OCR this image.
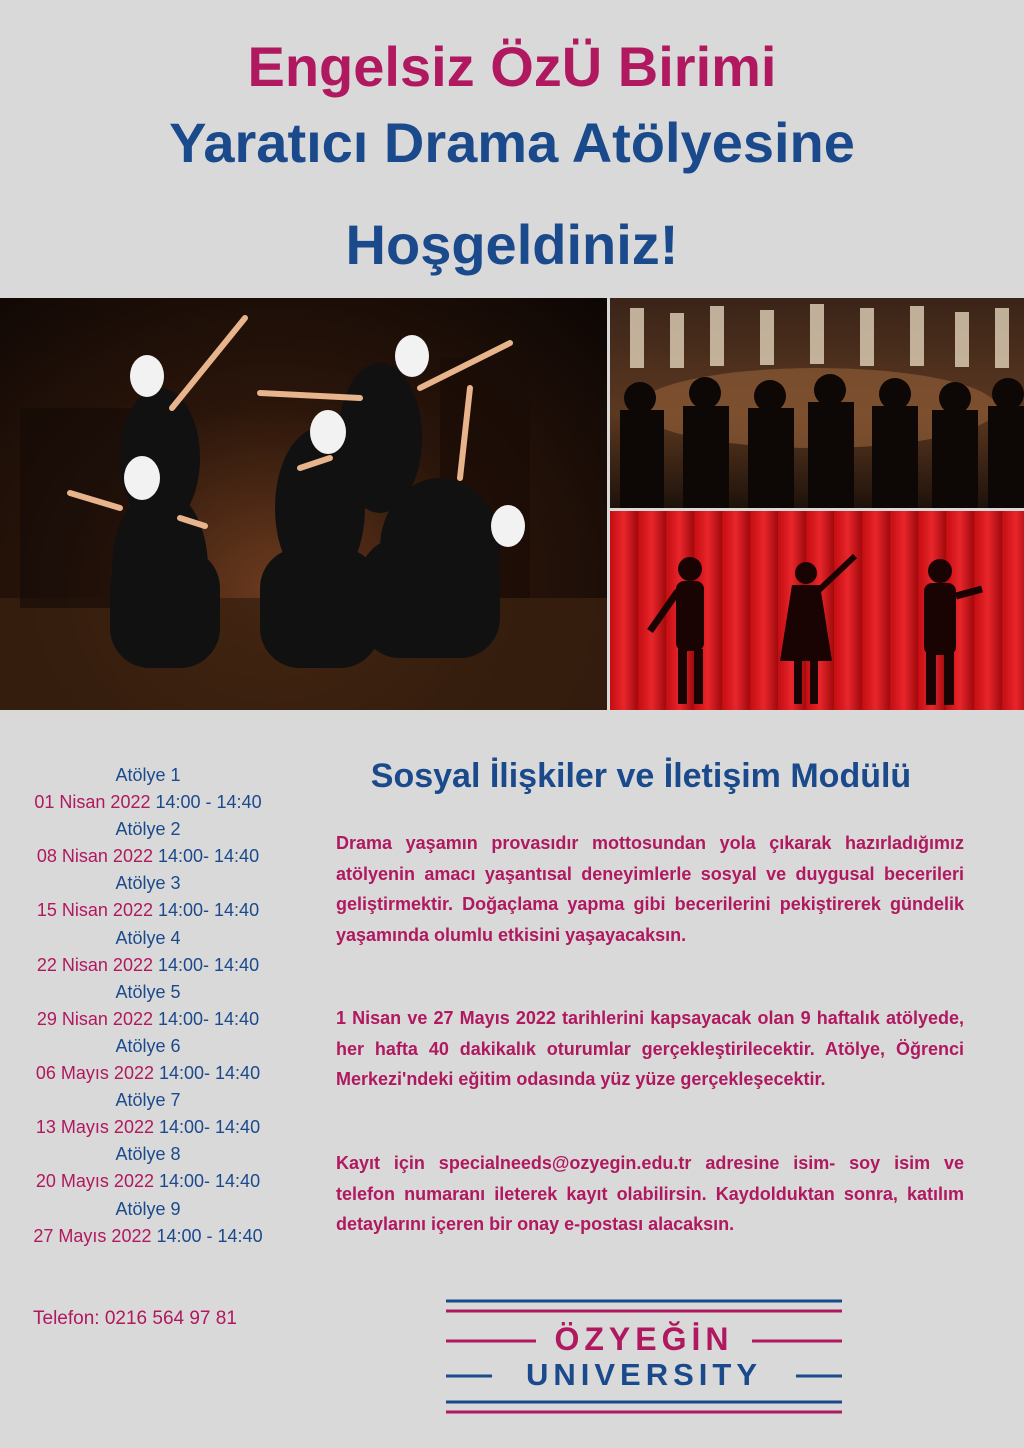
Engelsiz ÖzÜ Birimi
Yaratıcı Drama Atölyesine
Hoşgeldiniz!
Atölye 1
01 Nisan 2022 14:00 - 14:40
Atölye 2
08 Nisan 2022 14:00- 14:40
Atölye 3
15 Nisan 2022 14:00- 14:40
Atölye 4
22 Nisan 2022 14:00- 14:40
Atölye 5
29 Nisan 2022 14:00- 14:40
Atölye 6
06 Mayıs 2022 14:00- 14:40
Atölye 7
13 Mayıs 2022 14:00- 14:40
Atölye 8
20 Mayıs 2022 14:00- 14:40
Atölye 9
27 Mayıs 2022 14:00 - 14:40
Sosyal İlişkiler ve İletişim Modülü

Drama yaşamın provasıdır mottosundan yola çıkarak hazırladığımız atölyenin amacı yaşantısal deneyimlerle sosyal ve duygusal becerileri geliştirmektir. Doğaçlama yapma gibi becerilerini pekiştirerek gündelik yaşamında olumlu etkisini yaşayacaksın.

1 Nisan ve 27 Mayıs 2022 tarihlerini kapsayacak olan 9 haftalık atölyede, her hafta 40 dakikalık oturumlar gerçekleştirilecektir. Atölye, Öğrenci Merkezi'ndeki eğitim odasında yüz yüze gerçekleşecektir.

Kayıt için specialneeds@ozyegin.edu.tr adresine isim- soy isim ve telefon numaranı ileterek kayıt olabilirsin. Kaydolduktan sonra, katılım detaylarını içeren bir onay e-postası alacaksın.

Telefon: 0216 564 97 81
ÖZYEĞİN
UNIVERSITY
